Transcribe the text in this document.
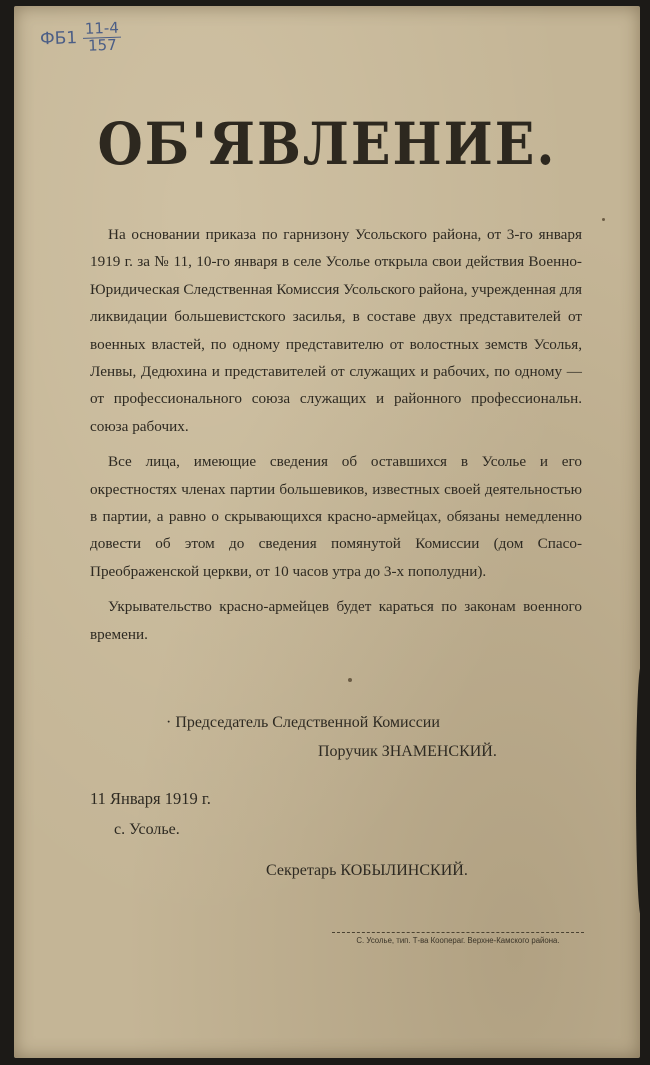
$ФБ1 \frac{11-4}{157}$
ОБ'ЯВЛЕНИЕ.

На основании приказа по гарнизону Усольского района, от 3-го января 1919 г. за № 11, 10-го января в селе Усолье открыла свои действия Военно-Юридическая Следственная Комиссия Усольского района, учрежденная для ликвидации большевистского засилья, в составе двух представителей от военных властей, по одному представителю от волостных земств Усолья, Ленвы, Дедюхина и представителей от служащих и рабочих, по одному — от профессионального союза служащих и районного профессиональн. союза рабочих.

Все лица, имеющие сведения об оставшихся в Усолье и его окрестностях членах партии большевиков, известных своей деятельностью в партии, а равно о скрывающихся красно-армейцах, обязаны немедленно довести об этом до сведения помянутой Комиссии (дом Спасо-Преображенской церкви, от 10 часов утра до 3-х пополудни).

Укрывательство красно-армейцев будет караться по законам военного времени.

· Председатель Следственной Комиссии
Поручик ЗНАМЕНСКИЙ.
11 Января 1919 г.
с. Усолье.
Секретарь КОБЫЛИНСКИЙ.
С. Усолье, тип. Т-ва Коопераг. Верхне-Камского района.
